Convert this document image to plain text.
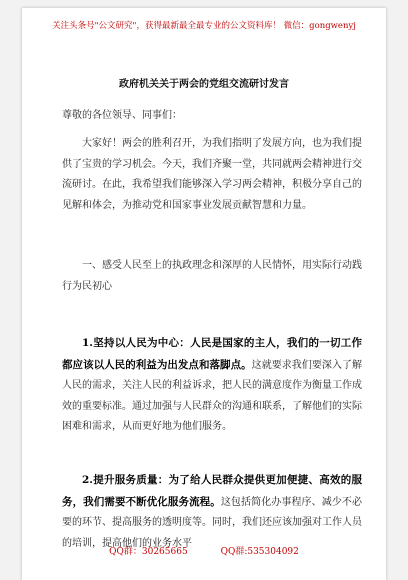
关注头条号"公文研究"，获得最新最全最专业的公文资料库！ 微信：gongwenyj
政府机关关于两会的党组交流研讨发言
尊敬的各位领导、同事们：
大家好！两会的胜利召开，为我们指明了发展方向，也为我们提供了宝贵的学习机会。今天，我们齐聚一堂，共同就两会精神进行交流研讨。在此，我希望我们能够深入学习两会精神，积极分享自己的见解和体会，为推动党和国家事业发展贡献智慧和力量。
一、感受人民至上的执政理念和深厚的人民情怀，用实际行动践行为民初心
1.坚持以人民为中心：人民是国家的主人，我们的一切工作都应该以人民的利益为出发点和落脚点。这就要求我们要深入了解人民的需求，关注人民的利益诉求，把人民的满意度作为衡量工作成效的重要标准。通过加强与人民群众的沟通和联系，了解他们的实际困难和需求，从而更好地为他们服务。
2.提升服务质量：为了给人民群众提供更加便捷、高效的服务，我们需要不断优化服务流程。这包括简化办事程序、减少不必要的环节、提高服务的透明度等。同时，我们还应该加强对工作人员的培训，提高他们的业务水平
QQ群：30265665	QQ群:535304092
